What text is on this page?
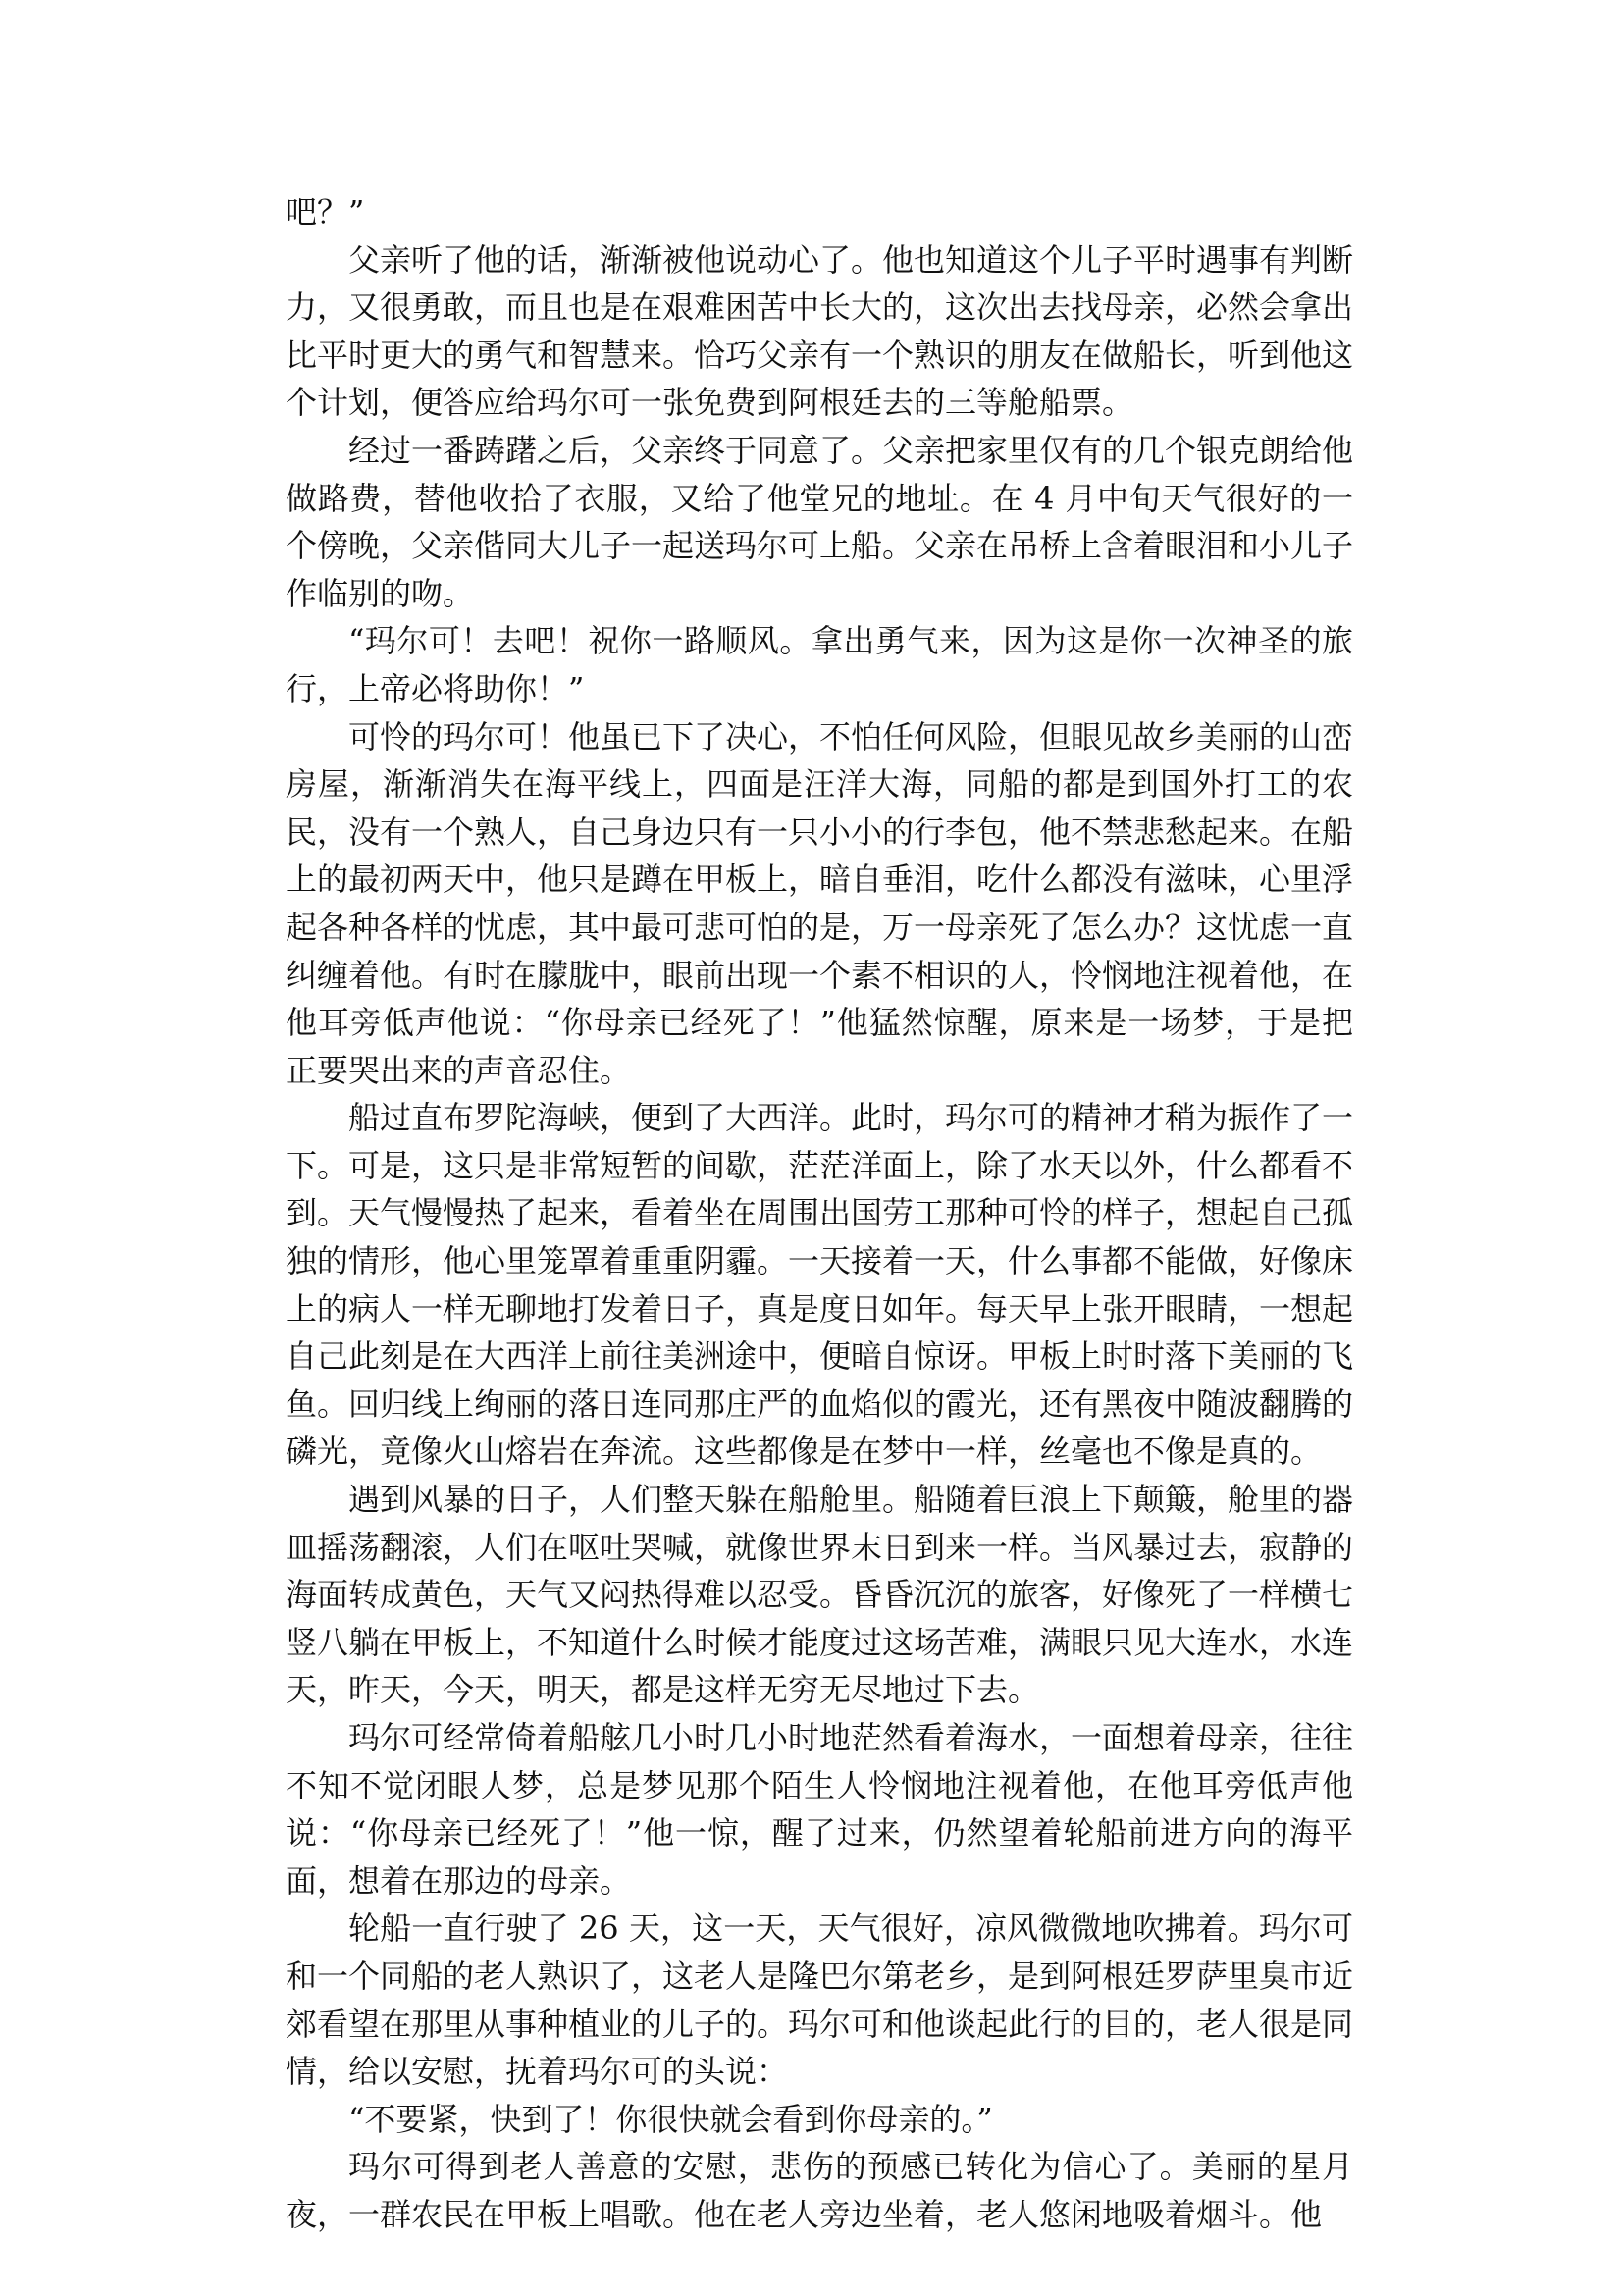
吧？”

父亲听了他的话，渐渐被他说动心了。他也知道这个儿子平时遇事有判断力，又很勇敢，而且也是在艰难困苦中长大的，这次出去找母亲，必然会拿出比平时更大的勇气和智慧来。恰巧父亲有一个熟识的朋友在做船长，听到他这个计划，便答应给玛尔可一张免费到阿根廷去的三等舱船票。

经过一番踌躇之后，父亲终于同意了。父亲把家里仅有的几个银克朗给他做路费，替他收拾了衣服，又给了他堂兄的地址。在 4 月中旬天气很好的一个傍晚，父亲偕同大儿子一起送玛尔可上船。父亲在吊桥上含着眼泪和小儿子作临别的吻。

“玛尔可！去吧！祝你一路顺风。拿出勇气来，因为这是你一次神圣的旅行，上帝必将助你！”

可怜的玛尔可！他虽已下了决心，不怕任何风险，但眼见故乡美丽的山峦房屋，渐渐消失在海平线上，四面是汪洋大海，同船的都是到国外打工的农民，没有一个熟人，自己身边只有一只小小的行李包，他不禁悲愁起来。在船上的最初两天中，他只是蹲在甲板上，暗自垂泪，吃什么都没有滋味，心里浮起各种各样的忧虑，其中最可悲可怕的是，万一母亲死了怎么办？这忧虑一直纠缠着他。有时在朦胧中，眼前出现一个素不相识的人，怜悯地注视着他，在他耳旁低声他说：“你母亲已经死了！”他猛然惊醒，原来是一场梦，于是把正要哭出来的声音忍住。

船过直布罗陀海峡，便到了大西洋。此时，玛尔可的精神才稍为振作了一下。可是，这只是非常短暂的间歇，茫茫洋面上，除了水天以外，什么都看不到。天气慢慢热了起来，看着坐在周围出国劳工那种可怜的样子，想起自己孤独的情形，他心里笼罩着重重阴霾。一天接着一天，什么事都不能做，好像床上的病人一样无聊地打发着日子，真是度日如年。每天早上张开眼睛，一想起自己此刻是在大西洋上前往美洲途中，便暗自惊讶。甲板上时时落下美丽的飞鱼。回归线上绚丽的落日连同那庄严的血焰似的霞光，还有黑夜中随波翻腾的磷光，竟像火山熔岩在奔流。这些都像是在梦中一样，丝毫也不像是真的。

遇到风暴的日子，人们整天躲在船舱里。船随着巨浪上下颠簸，舱里的器皿摇荡翻滚，人们在呕吐哭喊，就像世界末日到来一样。当风暴过去，寂静的海面转成黄色，天气又闷热得难以忍受。昏昏沉沉的旅客，好像死了一样横七竖八躺在甲板上，不知道什么时候才能度过这场苦难，满眼只见大连水，水连天，昨天，今天，明天，都是这样无穷无尽地过下去。

玛尔可经常倚着船舷几小时几小时地茫然看着海水，一面想着母亲，往往不知不觉闭眼人梦，总是梦见那个陌生人怜悯地注视着他，在他耳旁低声他说：“你母亲已经死了！”他一惊，醒了过来，仍然望着轮船前进方向的海平面，想着在那边的母亲。

轮船一直行驶了 26 天，这一天，天气很好，凉风微微地吹拂着。玛尔可和一个同船的老人熟识了，这老人是隆巴尔第老乡，是到阿根廷罗萨里臭市近郊看望在那里从事种植业的儿子的。玛尔可和他谈起此行的目的，老人很是同情，给以安慰，抚着玛尔可的头说：

“不要紧，快到了！你很快就会看到你母亲的。”

玛尔可得到老人善意的安慰，悲伤的预感已转化为信心了。美丽的星月夜，一群农民在甲板上唱歌。他在老人旁边坐着，老人悠闲地吸着烟斗。他
